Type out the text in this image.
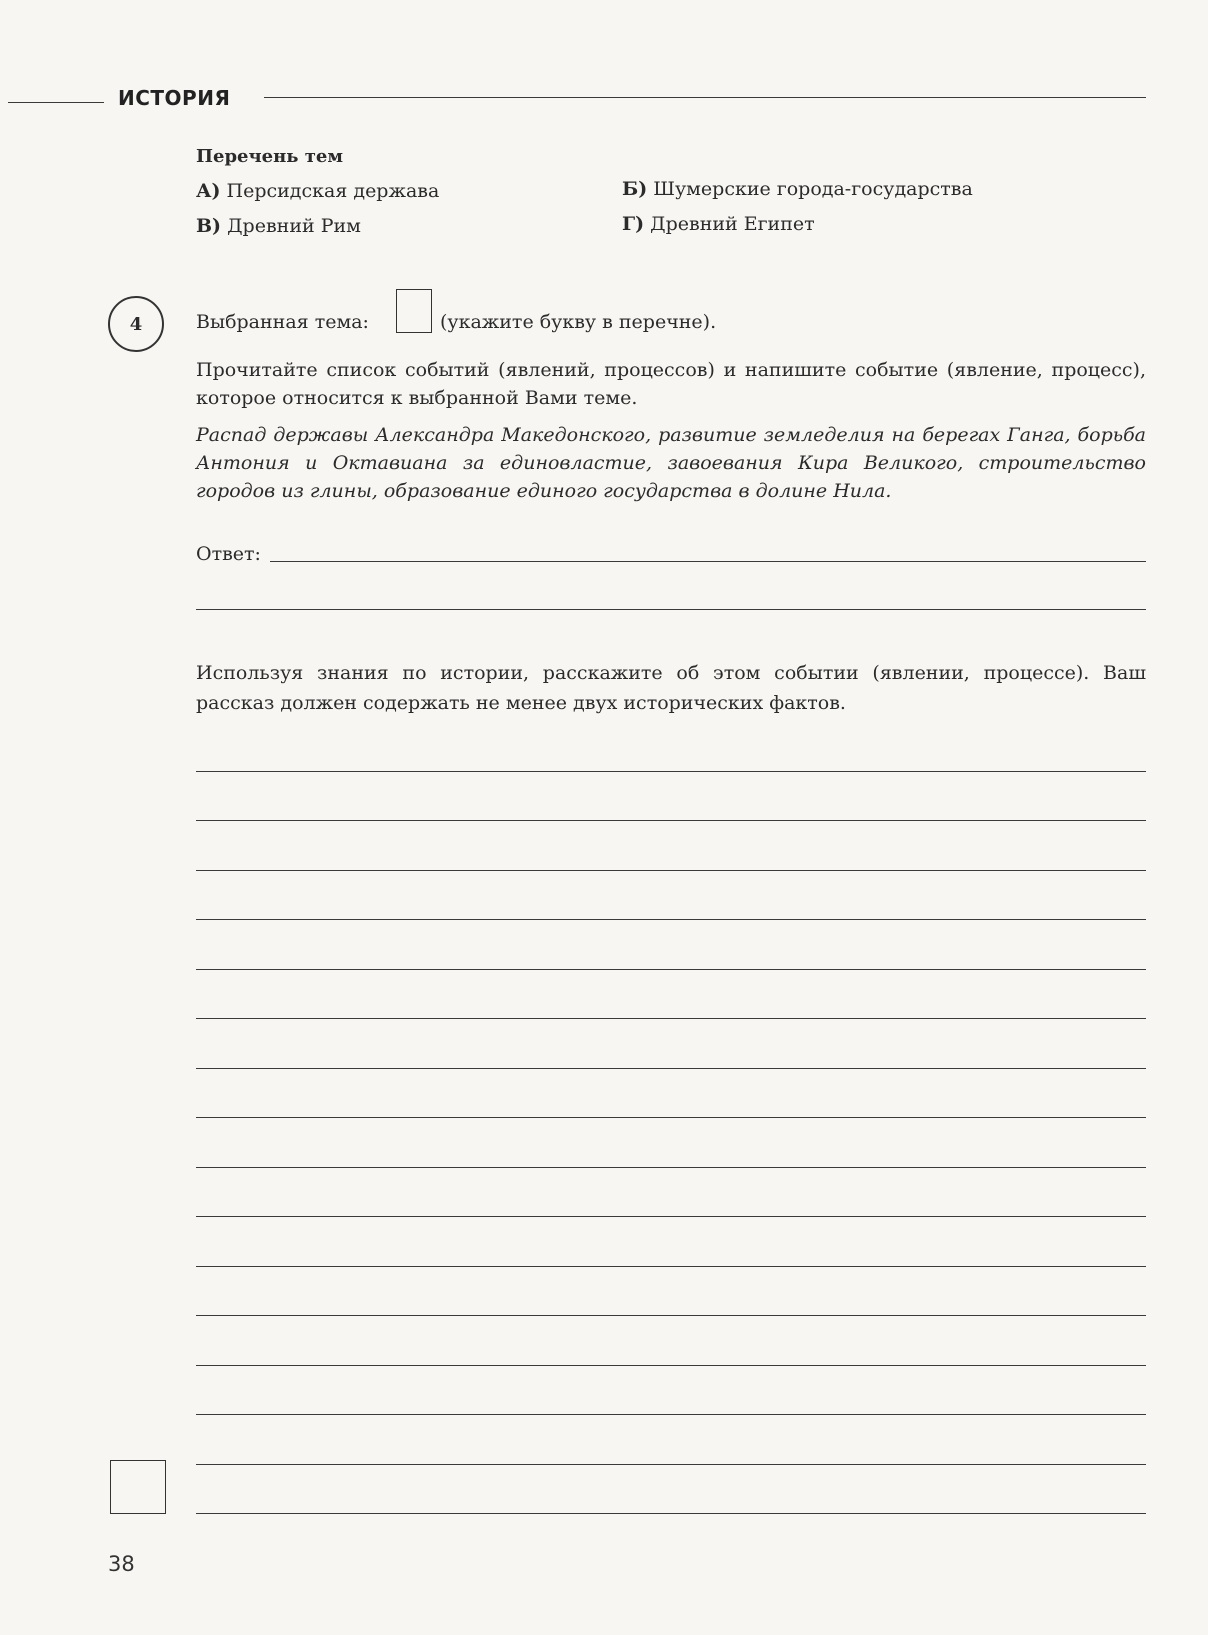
ИСТОРИЯ
Перечень тем
А) Персидская держава	Б) Шумерские города-государства
В) Древний Рим	Г) Древний Египет
4	Выбранная тема:	(укажите букву в перечне).
Прочитайте список событий (явлений, процессов) и напишите событие (явление, процесс), которое относится к выбранной Вами теме.
Распад державы Александра Македонского, развитие земледелия на берегах Ганга, борьба Антония и Октавиана за единовластие, завоевания Кира Великого, строительство городов из глины, образование единого государства в долине Нила.
Ответ:
Используя знания по истории, расскажите об этом событии (явлении, процессе). Ваш рассказ должен содержать не менее двух исторических фактов.
38
